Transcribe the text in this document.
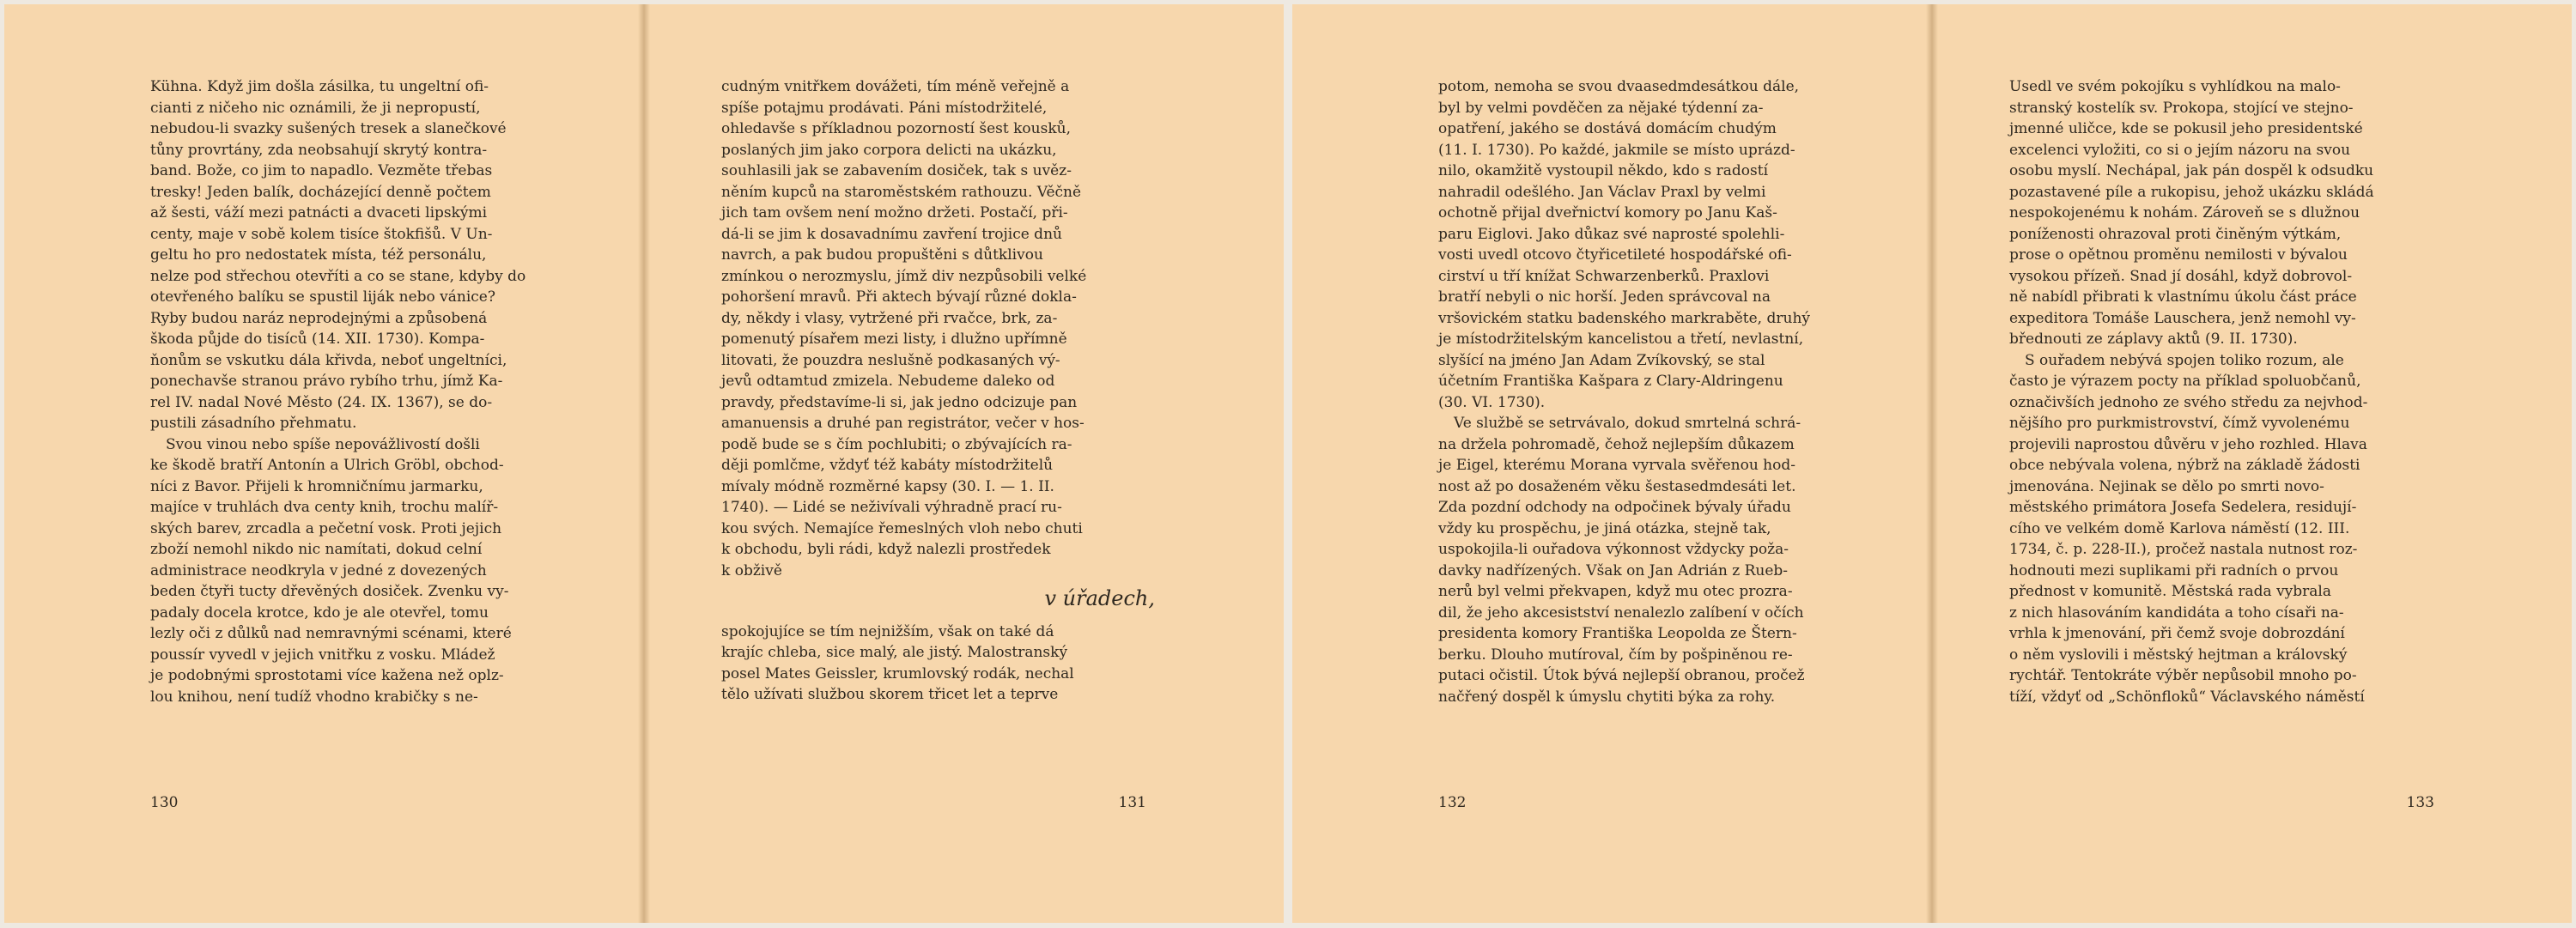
Kühna. Když jim došla zásilka, tu ungeltní ofi-
cianti z ničeho nic oznámili, že ji nepropustí,
nebudou-li svazky sušených tresek a slanečkové
tůny provrtány, zda neobsahují skrytý kontra-
band. Bože, co jim to napadlo. Vezměte třebas
tresky! Jeden balík, docházející denně počtem
až šesti, váží mezi patnácti a dvaceti lipskými
centy, maje v sobě kolem tisíce štokfišů. V Un-
geltu ho pro nedostatek místa, též personálu,
nelze pod střechou otevříti a co se stane, kdyby do
otevřeného balíku se spustil liják nebo vánice?
Ryby budou naráz neprodejnými a způsobená
škoda půjde do tisíců (14. XII. 1730). Kompa-
ňonům se vskutku dála křivda, neboť ungeltníci,
ponechavše stranou právo rybího trhu, jímž Ka-
rel IV. nadal Nové Město (24. IX. 1367), se do-
pustili zásadního přehmatu.
Svou vinou nebo spíše nepovážlivostí došli
ke škodě bratří Antonín a Ulrich Gröbl, obchod-
níci z Bavor. Přijeli k hromničnímu jarmarku,
majíce v truhlách dva centy knih, trochu malíř-
ských barev, zrcadla a pečetní vosk. Proti jejich
zboží nemohl nikdo nic namítati, dokud celní
administrace neodkryla v jedné z dovezených
beden čtyři tucty dřevěných dosiček. Zvenku vy-
padaly docela krotce, kdo je ale otevřel, tomu
lezly oči z důlků nad nemravnými scénami, které
poussír vyvedl v jejich vnitřku z vosku. Mládež
je podobnými sprostotami více kažena než oplz-
lou knihou, není tudíž vhodno krabičky s ne-
130
cudným vnitřkem dovážeti, tím méně veřejně a
spíše potajmu prodávati. Páni místodržitelé,
ohledavše s příkladnou pozorností šest kousků,
poslaných jim jako corpora delicti na ukázku,
souhlasili jak se zabavením dosiček, tak s uvěz-
něním kupců na staroměstském rathouzu. Věčně
jich tam ovšem není možno držeti. Postačí, při-
dá-li se jim k dosavadnímu zavření trojice dnů
navrch, a pak budou propuštěni s důtklivou
zmínkou o nerozmyslu, jímž div nezpůsobili velké
pohoršení mravů. Při aktech bývají různé dokla-
dy, někdy i vlasy, vytržené při rvačce, brk, za-
pomenutý písařem mezi listy, i dlužno upřímně
litovati, že pouzdra neslušně podkasaných vý-
jevů odtamtud zmizela. Nebudeme daleko od
pravdy, představíme-li si, jak jedno odcizuje pan
amanuensis a druhé pan registrátor, večer v hos-
podě bude se s čím pochlubiti; o zbývajících ra-
ději pomlčme, vždyť též kabáty místodržitelů
mívaly módně rozměrné kapsy (30. I. — 1. II.
1740). — Lidé se neživívali výhradně prací ru-
kou svých. Nemajíce řemeslných vloh nebo chuti
k obchodu, byli rádi, když nalezli prostředek
k obživě
v úřadech,
spokojujíce se tím nejnižším, však on také dá
krajíc chleba, sice malý, ale jistý. Malostranský
posel Mates Geissler, krumlovský rodák, nechal
tělo užívati službou skorem třicet let a teprve
131
potom, nemoha se svou dvaasedmdesátkou dále,
byl by velmi povděčen za nějaké týdenní za-
opatření, jakého se dostává domácím chudým
(11. I. 1730). Po každé, jakmile se místo uprázd-
nilo, okamžitě vystoupil někdo, kdo s radostí
nahradil odešlého. Jan Václav Praxl by velmi
ochotně přijal dveřnictví komory po Janu Kaš-
paru Eiglovi. Jako důkaz své naprosté spolehli-
vosti uvedl otcovo čtyřicetileté hospodářské ofi-
cirství u tří knížat Schwarzenberků. Praxlovi
bratří nebyli o nic horší. Jeden správcoval na
vršovickém statku badenského markraběte, druhý
je místodržitelským kancelistou a třetí, nevlastní,
slyšící na jméno Jan Adam Zvíkovský, se stal
účetním Františka Kašpara z Clary-Aldringenu
(30. VI. 1730).
Ve službě se setrvávalo, dokud smrtelná schrá-
na držela pohromadě, čehož nejlepším důkazem
je Eigel, kterému Morana vyrvala svěřenou hod-
nost až po dosaženém věku šestasedmdesáti let.
Zda pozdní odchody na odpočinek bývaly úřadu
vždy ku prospěchu, je jiná otázka, stejně tak,
uspokojila-li ouřadova výkonnost vždycky poža-
davky nadřízených. Však on Jan Adrián z Rueb-
nerů byl velmi překvapen, když mu otec prozra-
dil, že jeho akcesistství nenalezlo zalíbení v očích
presidenta komory Františka Leopolda ze Štern-
berku. Dlouho mutíroval, čím by pošpiněnou re-
putaci očistil. Útok bývá nejlepší obranou, pročež
načřený dospěl k úmyslu chytiti býka za rohy.
132
Usedl ve svém pokojíku s vyhlídkou na malo-
stranský kostelík sv. Prokopa, stojící ve stejno-
jmenné uličce, kde se pokusil jeho presidentské
excelenci vyložiti, co si o jejím názoru na svou
osobu myslí. Nechápal, jak pán dospěl k odsudku
pozastavené píle a rukopisu, jehož ukázku skládá
nespokojenému k nohám. Zároveň se s dlužnou
poníženosti ohrazoval proti činěným výtkám,
prose o opětnou proměnu nemilosti v bývalou
vysokou přízeň. Snad jí dosáhl, když dobrovol-
ně nabídl přibrati k vlastnímu úkolu část práce
expeditora Tomáše Lauschera, jenž nemohl vy-
břednouti ze záplavy aktů (9. II. 1730).
S ouřadem nebývá spojen toliko rozum, ale
často je výrazem pocty na příklad spoluobčanů,
označivších jednoho ze svého středu za nejvhod-
nějšího pro purkmistrovství, čímž vyvolenému
projevili naprostou důvěru v jeho rozhled. Hlava
obce nebývala volena, nýbrž na základě žádosti
jmenována. Nejinak se dělo po smrti novo-
městského primátora Josefa Sedelera, residují-
cího ve velkém domě Karlova náměstí (12. III.
1734, č. p. 228-II.), pročež nastala nutnost roz-
hodnouti mezi suplikami při radních o prvou
přednost v komunitě. Městská rada vybrala
z nich hlasováním kandidáta a toho císaři na-
vrhla k jmenování, při čemž svoje dobrozdání
o něm vyslovili i městský hejtman a královský
rychtář. Tentokráte výběr nepůsobil mnoho po-
tíží, vždyť od „Schönfloků“ Václavského náměstí
133
